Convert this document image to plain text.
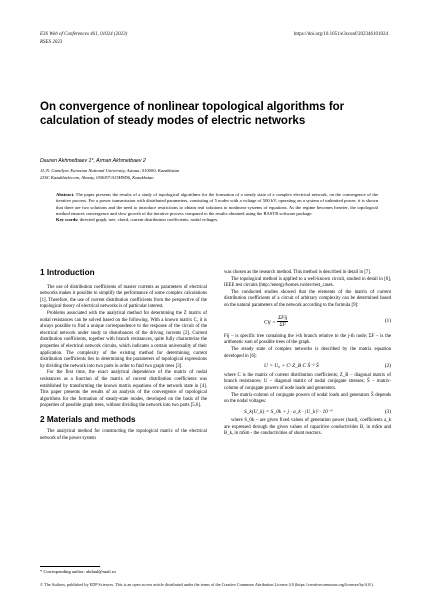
E3S Web of Conferences 461, 01024 (2023)	https://doi.org/10.1051/e3sconf/202346101024
RSES 2023
On convergence of nonlinear topological algorithms for calculation of steady modes of electric networks
Dauren Akhmetbaev 1*, Arman Akhmetbaev 2
1L.N. Gumilyov Eurasian National University, Astana, 010000, Kazakhstan
2JSC Kazakhtelecom, Almaty, 050057/A15H9D6, Kazakhstan
Abstract. The paper presents the results of a study of topological algorithms for the formation of a steady state of a complex electrical network, on the convergence of the iterative process. For a power transmission with distributed parameters, consisting of 5 nodes with a voltage of 500 kV, operating on a system of unlimited power, it is shown that there are two solutions and the need to introduce restrictions to obtain real solutions to nonlinear systems of equations. As the regime becomes heavier, the topological method ensures convergence and slow growth of the iterative process compared to the results obtained using the RASTR software package.
Key words: directed graph, tree, chord, current distribution coefficients, nodal voltages.
1 Introduction

The use of distribution coefficients of master currents as parameters of electrical networks makes it possible to simplify the performance of some complex calculations [1]. Therefore, the use of current distribution coefficients from the perspective of the topological theory of electrical networks is of particular interest.

Problems associated with the analytical method for determining the Z matrix of nodal resistances can be solved based on the following. With a known matrix C, it is always possible to find a unique correspondence to the response of the circuit of the electrical network under study to disturbances of the driving currents [2]. Current distribution coefficients, together with branch resistances, quite fully characterize the properties of electrical network circuits, which indicates a certain universality of their application. The complexity of the existing method for determining current distribution coefficients lies in determining the parameters of topological expressions by dividing the network into two parts in order to find two graph trees [3].

For the first time, the exact analytical dependence of the matrix of nodal resistances as a function of the matrix of current distribution coefficients was established by transforming the known matrix equations of the network state in [4]. This paper presents the results of an analysis of the convergence of topological algorithms for the formation of steady-state modes, developed on the basis of the properties of possible graph trees, without dividing the network into two parts [5,6].

2 Materials and methods

The analytical method for constructing the topological matrix of the electrical network of the power system

was chosen as the research method. This method is described in detail in [7].

The topological method is applied to a well-known circuit, studied in detail in [8], IEEE test circuits (http://energy/homes.ru/dev/test_cases.

The conducted studies showed that the elements of the matrix of current distribution coefficients of a circuit of arbitrary complexity can be determined based on the natural parameters of the network according to the formula [9]:

Cij = $\frac{\text{ΣFij}}{\Sigma F}$	(1)

Fij – is specific tree containing the i-th branch relative to the j-th node; ΣF – is the arithmetic sum of possible trees of the graph.

The steady state of complex networks is described by the matrix equation developed in [6]:

U = U₀ + Cᵗ Z_B C Ŝ⁻¹ Ŝ	(2)

where C is the matrix of current distribution coefficients; Z_B – diagonal matrix of branch resistances; U – diagonal matrix of nodal conjugate stresses; Ŝ – matrix-column of conjugate powers of node loads and generators.

The matrix-column of conjugate powers of nodal loads and generators Ŝ depends on the nodal voltages:

S_k(U_k) = S_0k + j · a_k · |U_k|² · 10⁻³	(3)

where S_0k – are given fixed values of generation power (load), coefficients a_k are expressed through the given values of capacitive conductivities B, in mSm and B_k, in mSm - the conductivities of shunt reactors.

* Corresponding author: ahdaul@mail.ru
© The Authors, published by EDP Sciences. This is an open access article distributed under the terms of the Creative Commons Attribution License 4.0 (https://creativecommons.org/licenses/by/4.0/).
